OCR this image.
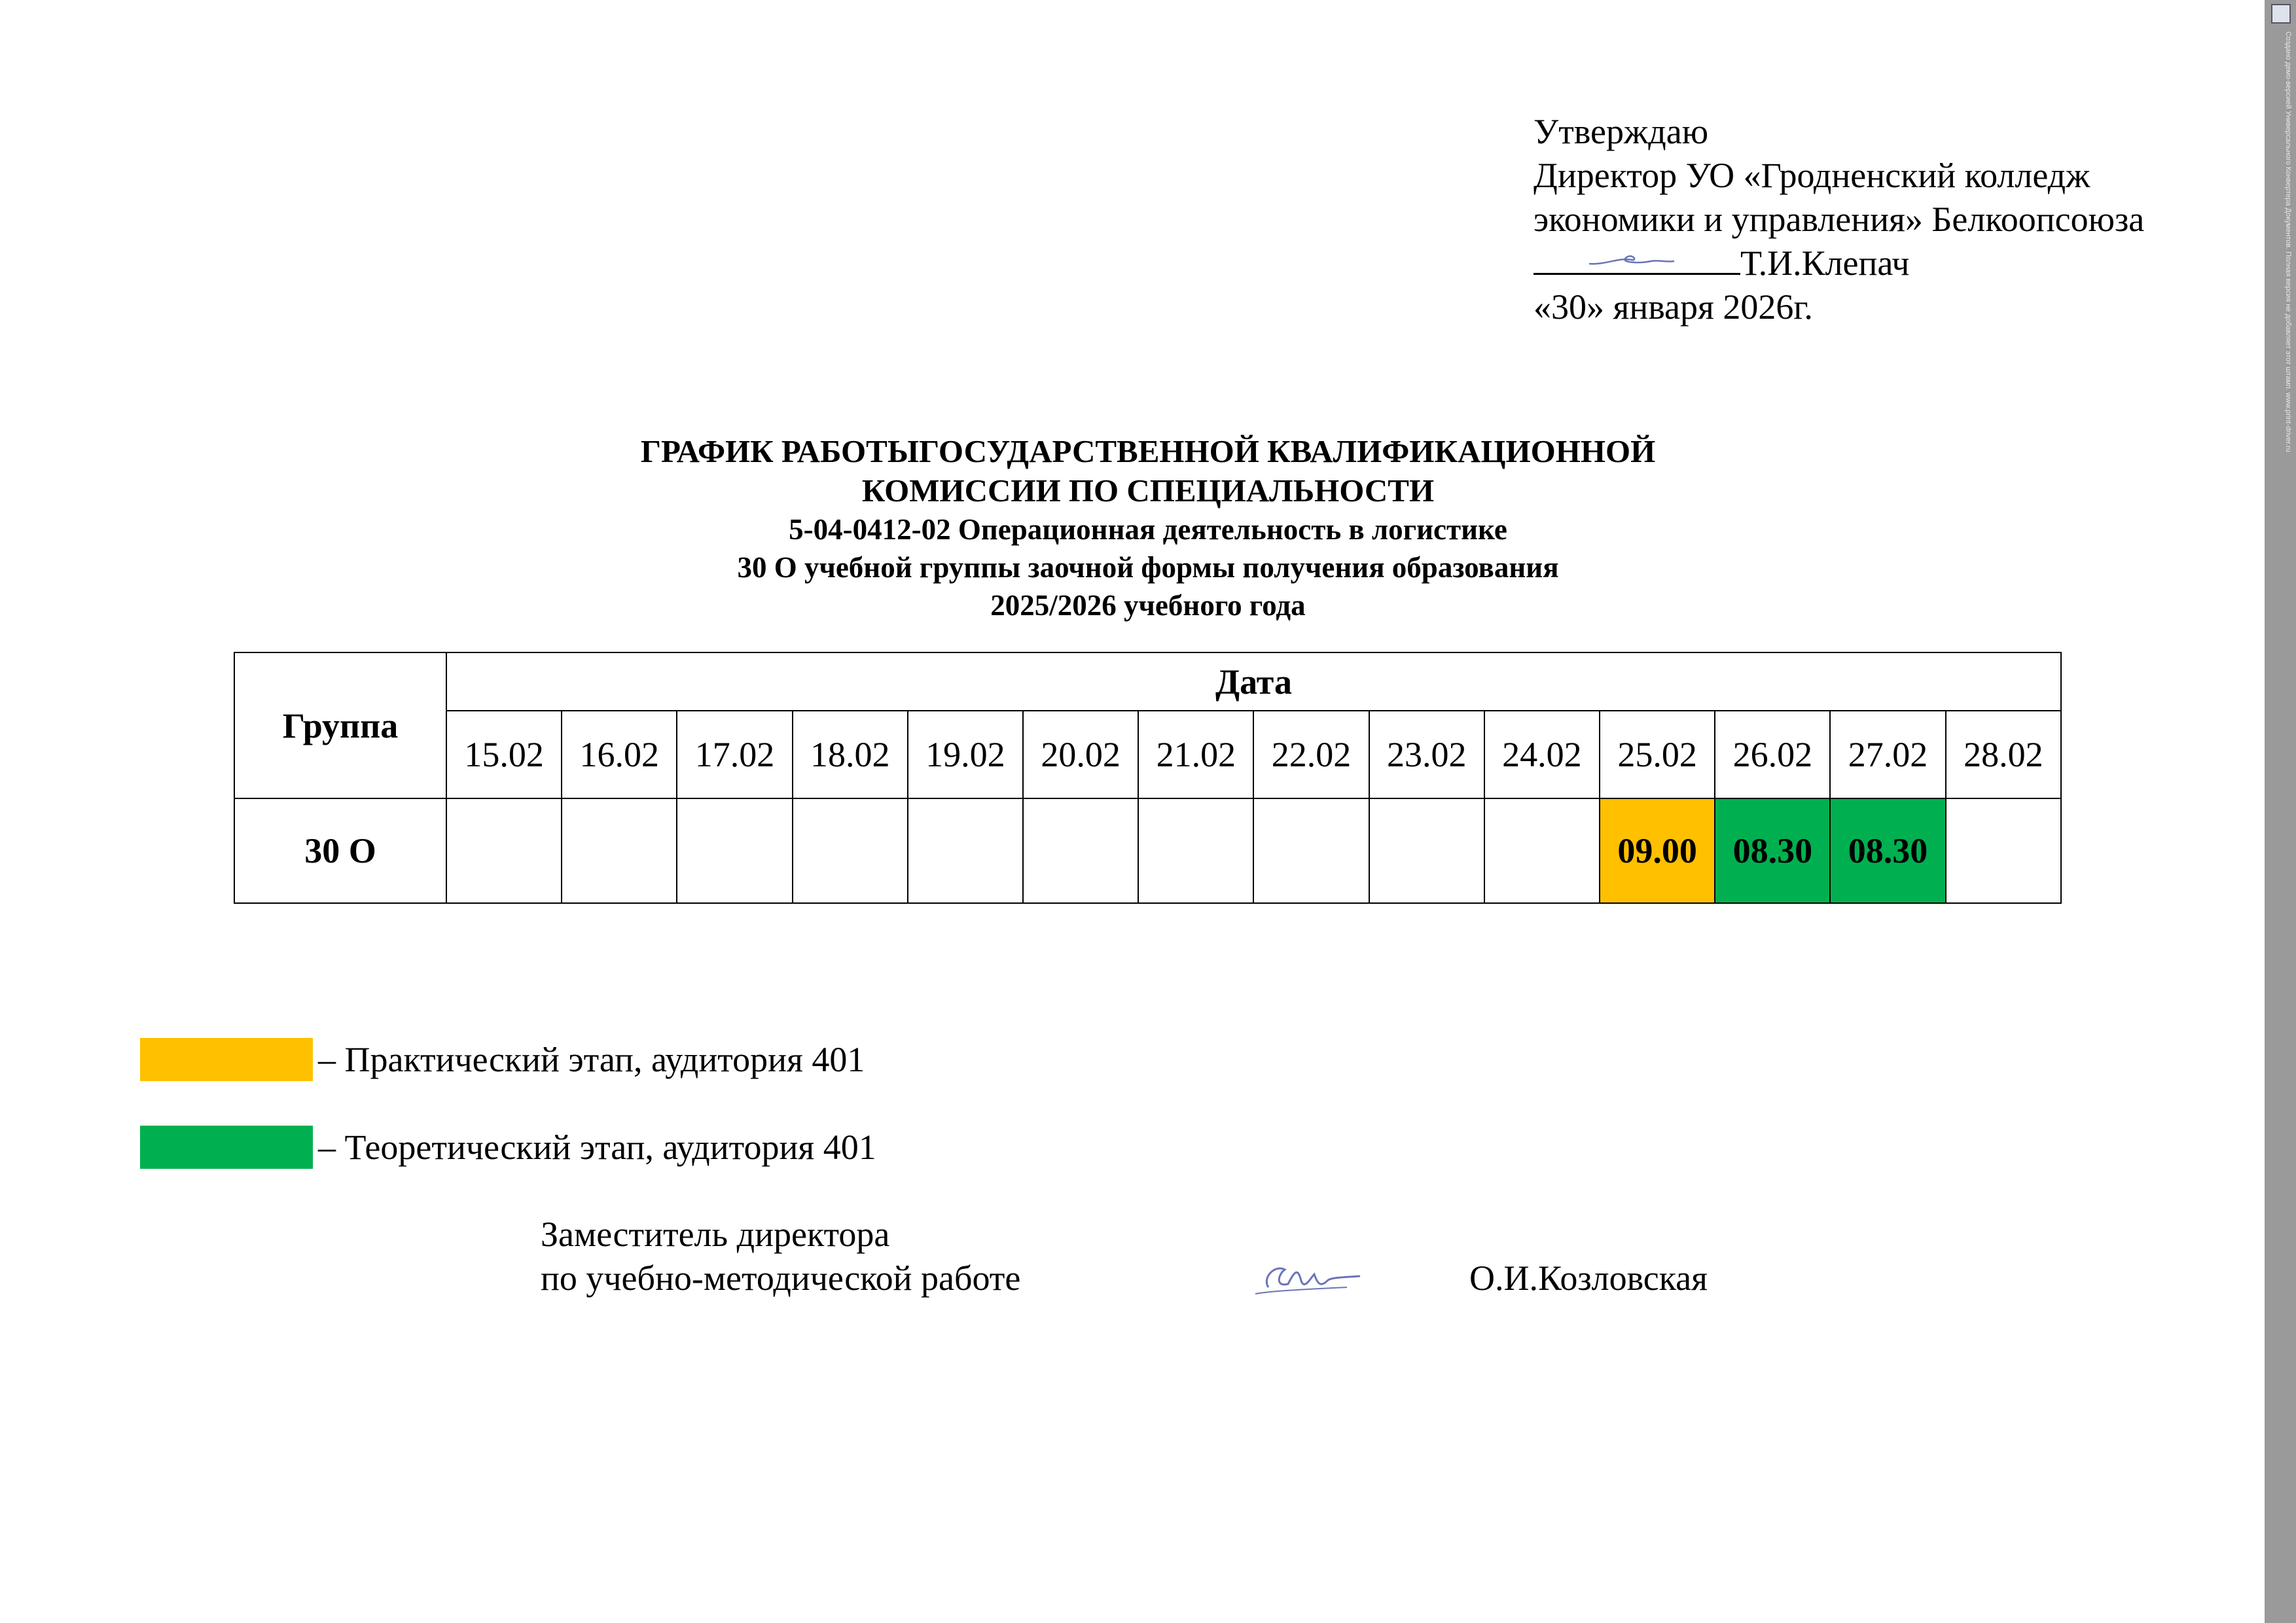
Утверждаю
Директор УО «Гродненский колледж
экономики и управления» Белкоопсоюза
Т.И.Клепач
«30» января 2026г.
ГРАФИК РАБОТЫГОСУДАРСТВЕННОЙ КВАЛИФИКАЦИОННОЙ
КОМИССИИ ПО СПЕЦИАЛЬНОСТИ
5-04-0412-02 Операционная деятельность в логистике
30 О учебной группы заочной формы получения образования
2025/2026 учебного года
Группа	Дата													
	15.02	16.02	17.02	18.02	19.02	20.02	21.02	22.02	23.02	24.02	25.02	26.02	27.02	28.02
30 О											09.00	08.30	08.30	
– Практический этап, аудитория 401
– Теоретический этап, аудитория 401
Заместитель директора
по учебно-методической работе	О.И.Козловская
Создано демо-версией Универсального Конвертера Документов. Полная версия не добавляет этот штамп. www.print-driver.ru
